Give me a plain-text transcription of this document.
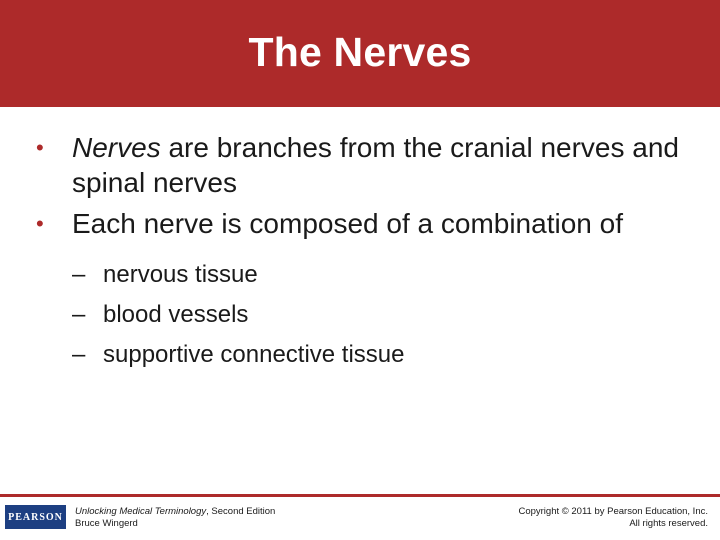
The Nerves
• Nerves are branches from the cranial nerves and spinal nerves
• Each nerve is composed of a combination of
– nervous tissue
– blood vessels
– supportive connective tissue
PEARSON	Unlocking Medical Terminology, Second Edition
Bruce Wingerd
Copyright © 2011 by Pearson Education, Inc.
All rights reserved.
